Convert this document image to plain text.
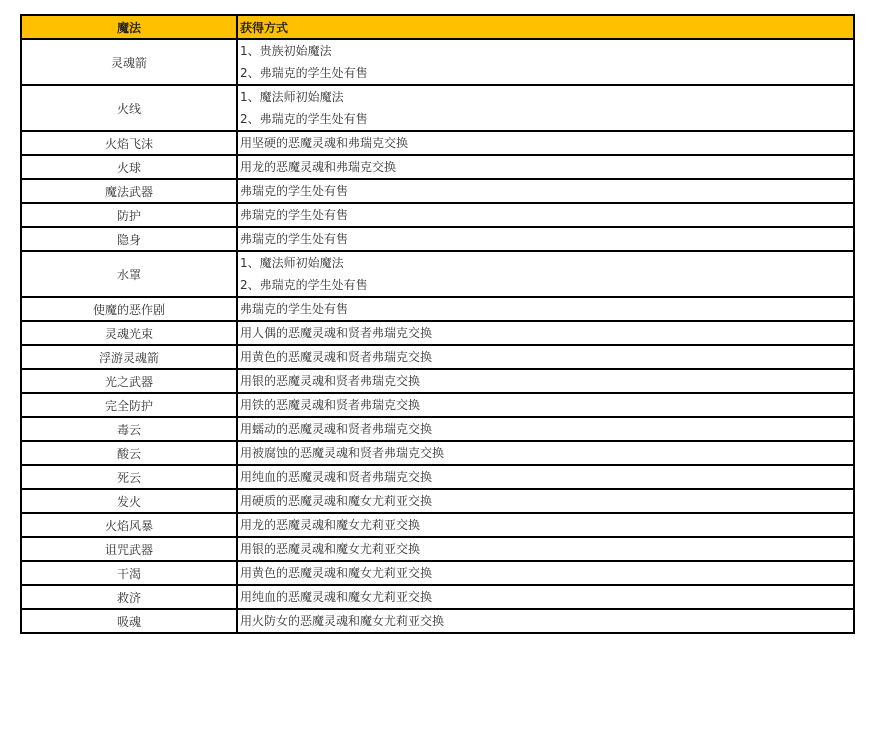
魔法	获得方式
灵魂箭	1、贵族初始魔法
2、弗瑞克的学生处有售

火线	1、魔法师初始魔法
2、弗瑞克的学生处有售

火焰飞沫	用坚硬的恶魔灵魂和弗瑞克交换

火球	用龙的恶魔灵魂和弗瑞克交换

魔法武器	弗瑞克的学生处有售

防护	弗瑞克的学生处有售

隐身	弗瑞克的学生处有售

水罩	1、魔法师初始魔法
2、弗瑞克的学生处有售

使魔的恶作剧	弗瑞克的学生处有售

灵魂光束	用人偶的恶魔灵魂和贤者弗瑞克交换

浮游灵魂箭	用黄色的恶魔灵魂和贤者弗瑞克交换

光之武器	用银的恶魔灵魂和贤者弗瑞克交换

完全防护	用铁的恶魔灵魂和贤者弗瑞克交换

毒云	用蠕动的恶魔灵魂和贤者弗瑞克交换

酸云	用被腐蚀的恶魔灵魂和贤者弗瑞克交换

死云	用纯血的恶魔灵魂和贤者弗瑞克交换

发火	用硬质的恶魔灵魂和魔女尤莉亚交换

火焰风暴	用龙的恶魔灵魂和魔女尤莉亚交换

诅咒武器	用银的恶魔灵魂和魔女尤莉亚交换

干渴	用黄色的恶魔灵魂和魔女尤莉亚交换

救济	用纯血的恶魔灵魂和魔女尤莉亚交换

吸魂	用火防女的恶魔灵魂和魔女尤莉亚交换
